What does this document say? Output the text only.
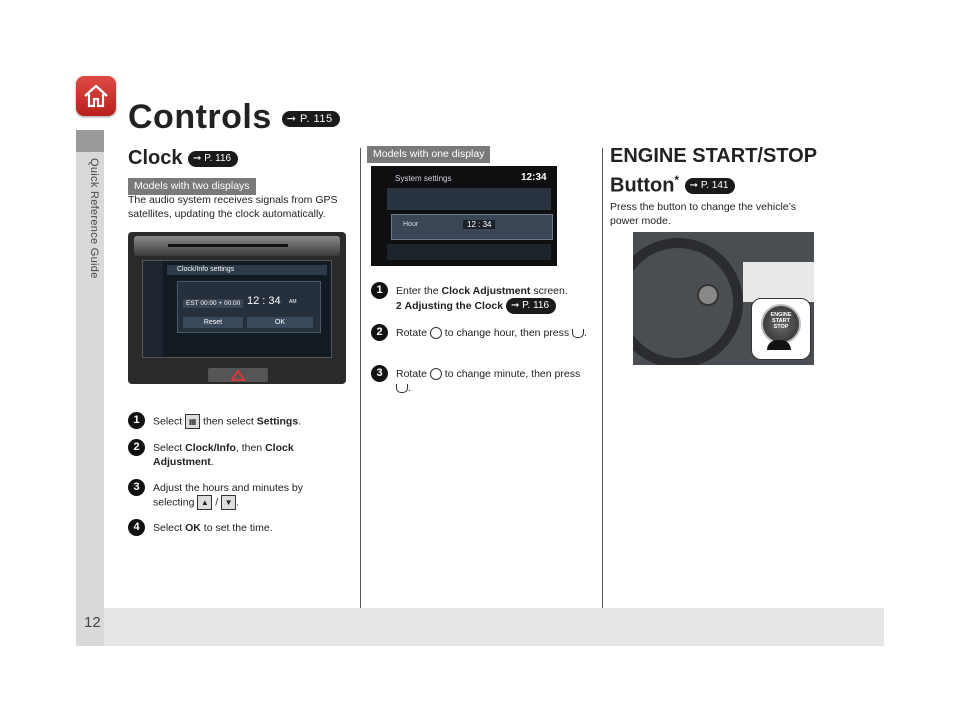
Quick Reference Guide
12
Controls ➞ P. 115
Clock ➞ P. 116
Models with two displays
The audio system receives signals from GPS satellites, updating the clock automatically.
Clock/Info settings
EST 00:00 + 00:00 12 : 34 AM
Reset	OK
1	Select ▦ then select Settings.
2	Select Clock/Info, then Clock Adjustment.
3	Adjust the hours and minutes by selecting ▲ / ▼ .
4	Select OK to set the time.
Models with one display
System settings	12:34
Hour	12 : 34
1	Enter the Clock Adjustment screen.
2 Adjusting the Clock ➞ P. 116
2	Rotate  to change hour, then press .
3	Rotate  to change minute, then press .
ENGINE START/STOP
Button* ➞ P. 141
Press the button to change the vehicle’s power mode.
ENGINE
START
STOP
